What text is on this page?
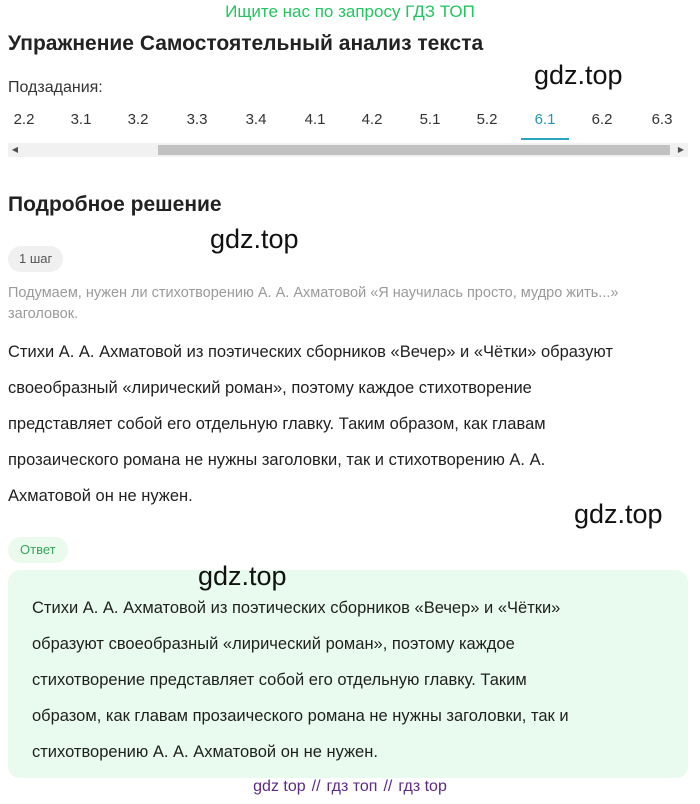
Ищите нас по запросу ГДЗ ТОП
Упражнение Самостоятельный анализ текста
Подзадания:	gdz.top
2.2	3.1	3.2	3.3	3.4	4.1	4.2	5.1	5.2	6.1	6.2	6.3
◀	▶
Подробное решение
gdz.top
1 шаг

Подумаем, нужен ли стихотворению А. А. Ахматовой «Я научилась просто, мудро жить...» заголовок.

Стихи А. А. Ахматовой из поэтических сборников «Вечер» и «Чётки» образуют
своеобразный «лирический роман», поэтому каждое стихотворение
представляет собой его отдельную главку. Таким образом, как главам
прозаического романа не нужны заголовки, так и стихотворению А. А.
Ахматовой он не нужен.
gdz.top
Ответ
Стихи А. А. Ахматовой из поэтических сборников «Вечер» и «Чётки»
образуют своеобразный «лирический роман», поэтому каждое
стихотворение представляет собой его отдельную главку. Таким
образом, как главам прозаического романа не нужны заголовки, так и
стихотворению А. А. Ахматовой он не нужен.
gdz.top
gdz top // гдз топ // гдз top
